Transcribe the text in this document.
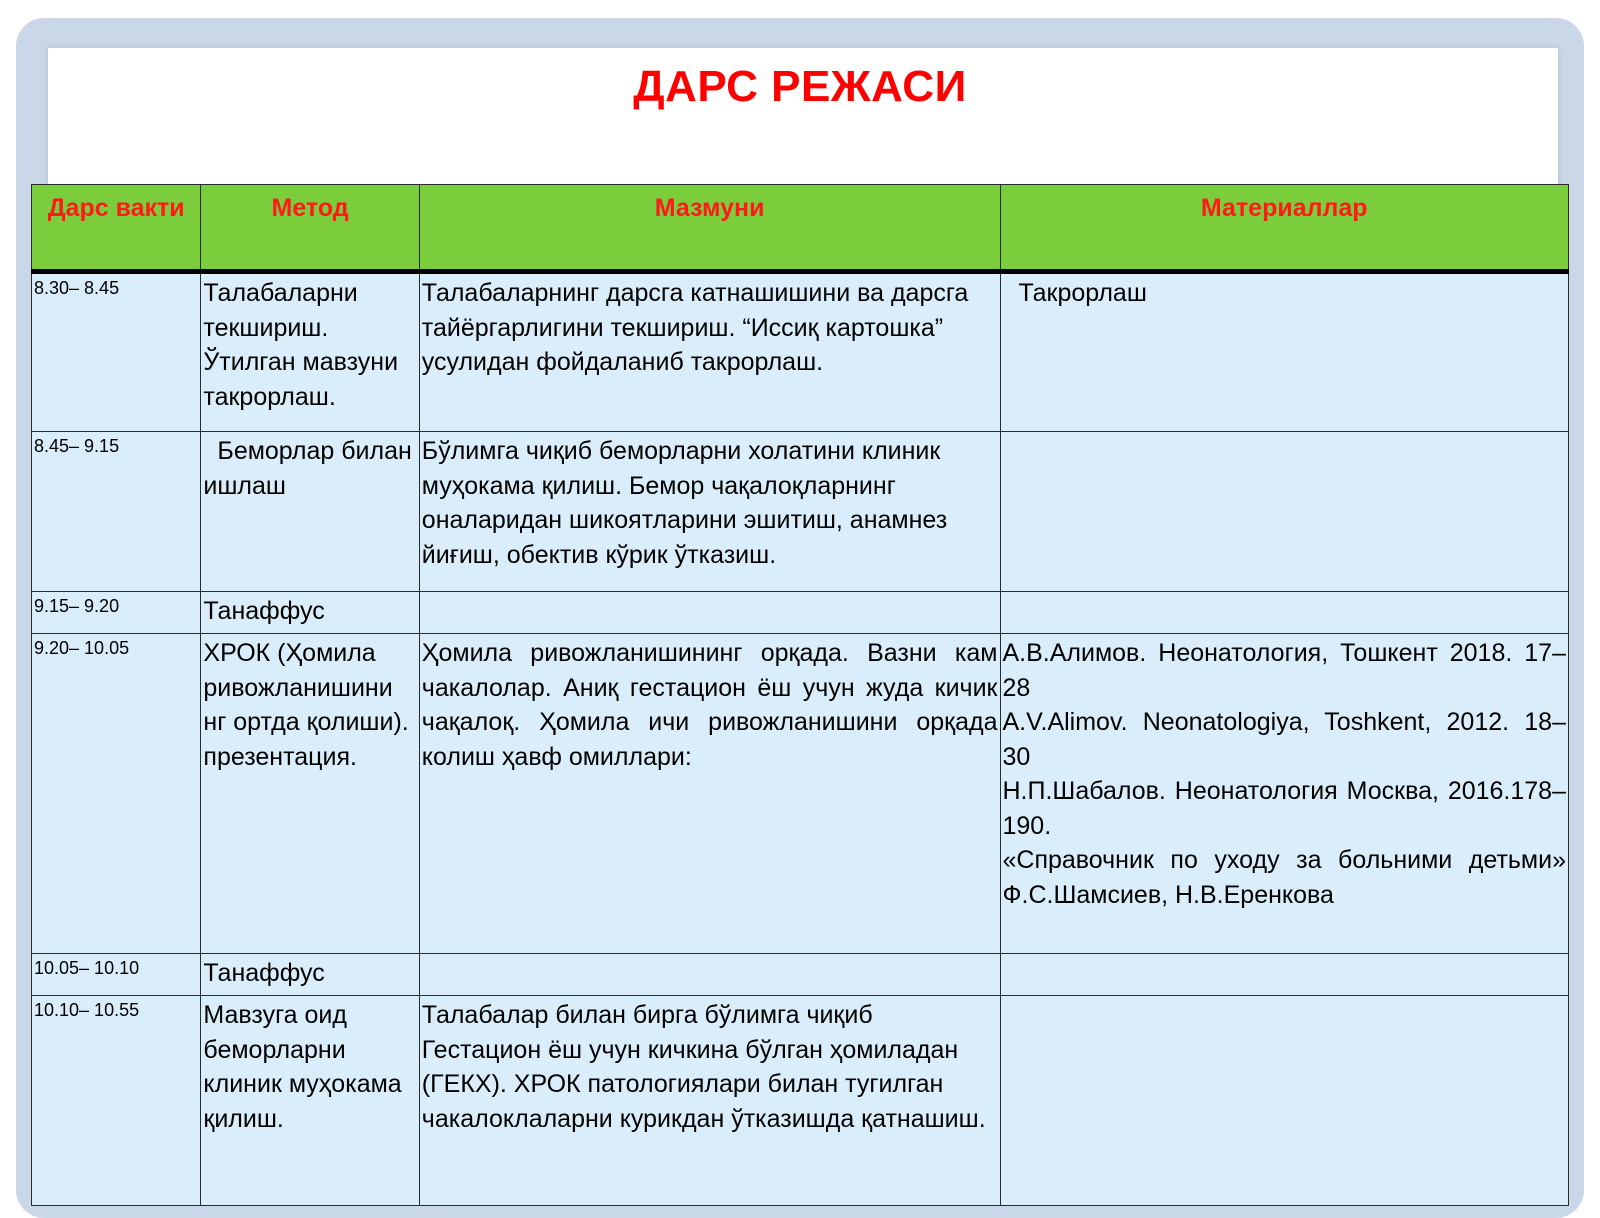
ДАРС РЕЖАСИ
Дарс вакти	Метод	Мазмуни	Материаллар
8.30– 8.45	Талабаларни текшириш. Ўтилган мавзуни такрорлаш.	Талабаларнинг дарсга катнашишини ва дарсга тайёргарлигини текшириш. “Иссиқ картошка” усулидан фойдаланиб такрорлаш.	Такрорлаш
8.45– 9.15	Беморлар билан ишлаш	Бўлимга чиқиб беморларни холатини клиник муҳокама қилиш. Бемор чақалоқларнинг оналаридан шикоятларини эшитиш, анамнез йиғиш, обектив кўрик ўтказиш.	
9.15– 9.20	Танаффус		
9.20– 10.05	ХРОК (Ҳомила ривожланишини нг ортда қолиши). презентация.	Ҳомила ривожланишининг орқада. Вазни кам чакалолар. Аниқ гестацион ёш учун жуда кичик чақалоқ. Ҳомила ичи ривожланишини орқада колиш ҳавф омиллари:	А.В.Алимов. Неонатология, Тошкент 2018. 17– 28
A.V.Alimov. Neonatologiya, Toshkent, 2012. 18– 30
Н.П.Шабалов. Неонатология Москва, 2016.178– 190.
«Справочник по уходу за больними детьми» Ф.С.Шамсиев, Н.В.Еренкова

10.05– 10.10	Танаффус		
10.10– 10.55	Мавзуга оид беморларни клиник муҳокама қилиш.	Талабалар билан бирга бўлимга чиқиб Гестацион ёш учун кичкина бўлган ҳомиладан (ГЕКХ). ХРОК патологиялари билан тугилган чакалоклаларни курикдан ўтказишда қатнашиш.	
